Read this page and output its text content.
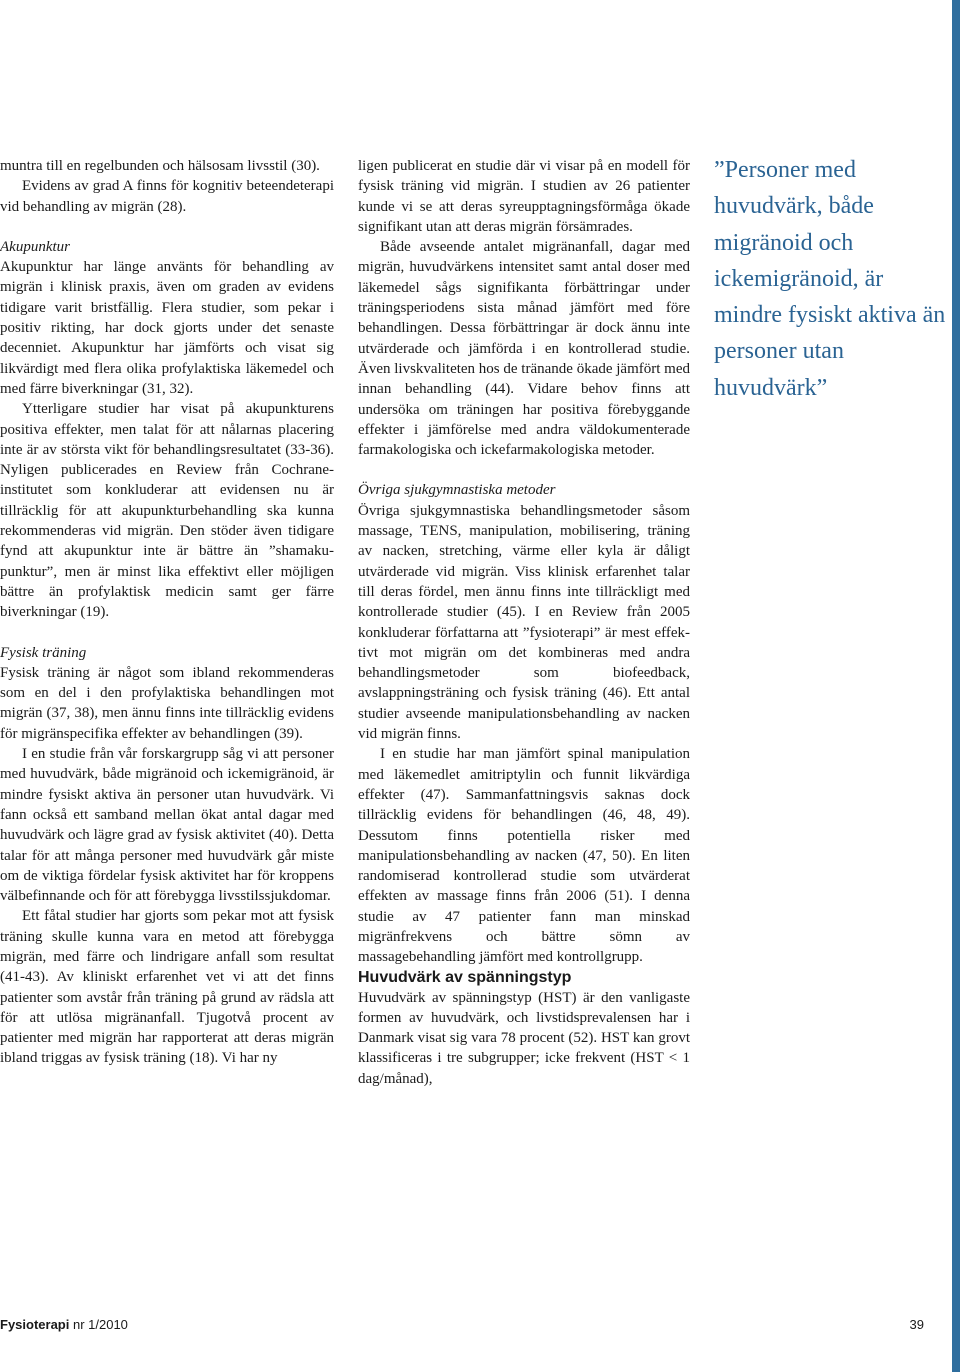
muntra till en regelbunden och hälsosam livsstil (30).

Evidens av grad A finns för kognitiv beteendeterapi vid behandling av migrän (28).

Akupunktur

Akupunktur har länge använts för behandling av migrän i klinisk praxis, även om graden av evidens tidigare varit bristfällig. Flera studier, som pekar i positiv rikting, har dock gjorts under det senaste decenniet. Akupunktur har jämförts och visat sig likvärdigt med flera olika profylaktiska läkemedel och med färre biverkningar (31, 32).

Ytterligare studier har visat på akupunkturens positiva effekter, men talat för att nålarnas placering inte är av största vikt för behandlingsresultatet (33-36). Nyligen publicerades en Review från Cochrane-institutet som konkluderar att evidensen nu är tillräcklig för att akupunkturbehandling ska kunna rekommenderas vid migrän. Den stöder även tidigare fynd att akupunktur inte är bättre än ”shamakupunktur”, men är minst lika effektivt eller möjligen bättre än profylaktisk medicin samt ger färre biverkningar (19).

Fysisk träning

Fysisk träning är något som ibland rekommenderas som en del i den profylaktiska behandlingen mot migrän (37, 38), men ännu finns inte tillräcklig evidens för migränspecifika effekter av behandlingen (39).

I en studie från vår forskargrupp såg vi att personer med huvudvärk, både migränoid och ickemigränoid, är mindre fysiskt aktiva än personer utan huvudvärk. Vi fann också ett samband mellan ökat antal dagar med huvudvärk och lägre grad av fysisk aktivitet (40). Detta talar för att många personer med huvudvärk går miste om de viktiga fördelar fysisk aktivitet har för kroppens välbefinnande och för att förebygga livsstilssjukdomar.

Ett fåtal studier har gjorts som pekar mot att fysisk träning skulle kunna vara en metod att förebygga migrän, med färre och lindrigare anfall som resultat (41-43). Av kliniskt erfarenhet vet vi att det finns patienter som avstår från träning på grund av rädsla att för att utlösa migränanfall. Tjugotvå procent av patienter med migrän har rapporterat att deras migrän ibland triggas av fysisk träning (18). Vi har ny

ligen publicerat en studie där vi visar på en modell för fysisk träning vid migrän. I studien av 26 patienter kunde vi se att deras syreupptagningsförmåga ökade signifikant utan att deras migrän försämrades.

Både avseende antalet migränanfall, dagar med migrän, huvudvärkens intensitet samt antal doser med läkemedel sågs signifikanta förbättringar under träningsperiodens sista månad jämfört med före behandlingen. Dessa förbättringar är dock ännu inte utvärderade och jämförda i en kontrollerad studie. Även livskvaliteten hos de tränande ökade jämfört med innan behandling (44). Vidare behov finns att undersöka om träningen har positiva förebyggande effekter i jämförelse med andra väldokumenterade farmakologiska och ickefarmakologiska metoder.

Övriga sjukgymnastiska metoder

Övriga sjukgymnastiska behandlingsmetoder såsom massage, TENS, manipulation, mobilisering, träning av nacken, stretching, värme eller kyla är dåligt utvärderade vid migrän. Viss klinisk erfarenhet talar till deras fördel, men ännu finns inte tillräckligt med kontrollerade studier (45). I en Review från 2005 konkluderar författarna att ”fysioterapi” är mest effektivt mot migrän om det kombineras med andra behandlingsmetoder som biofeedback, avslappningsträning och fysisk träning (46). Ett antal studier avseende manipulationsbehandling av nacken vid migrän finns.

I en studie har man jämfört spinal manipulation med läkemedlet amitriptylin och funnit likvärdiga effekter (47). Sammanfattningsvis saknas dock tillräcklig evidens för behandlingen (46, 48, 49). Dessutom finns potentiella risker med manipulationsbehandling av nacken (47, 50). En liten randomiserad kontrollerad studie som utvärderat effekten av massage finns från 2006 (51). I denna studie av 47 patienter fann man minskad migränfrekvens och bättre sömn av massagebehandling jämfört med kontrollgrupp.

Huvudvärk av spänningstyp

Huvudvärk av spänningstyp (HST) är den vanligaste formen av huvudvärk, och livstidsprevalensen har i Danmark visat sig vara 78 procent (52). HST kan grovt klassificeras i tre subgrupper; icke frekvent (HST < 1 dag/månad),

”Personer med huvudvärk, både migränoid och ickemigränoid, är mindre fysiskt aktiva än personer utan huvudvärk”
Fysioterapi nr 1/2010	39
